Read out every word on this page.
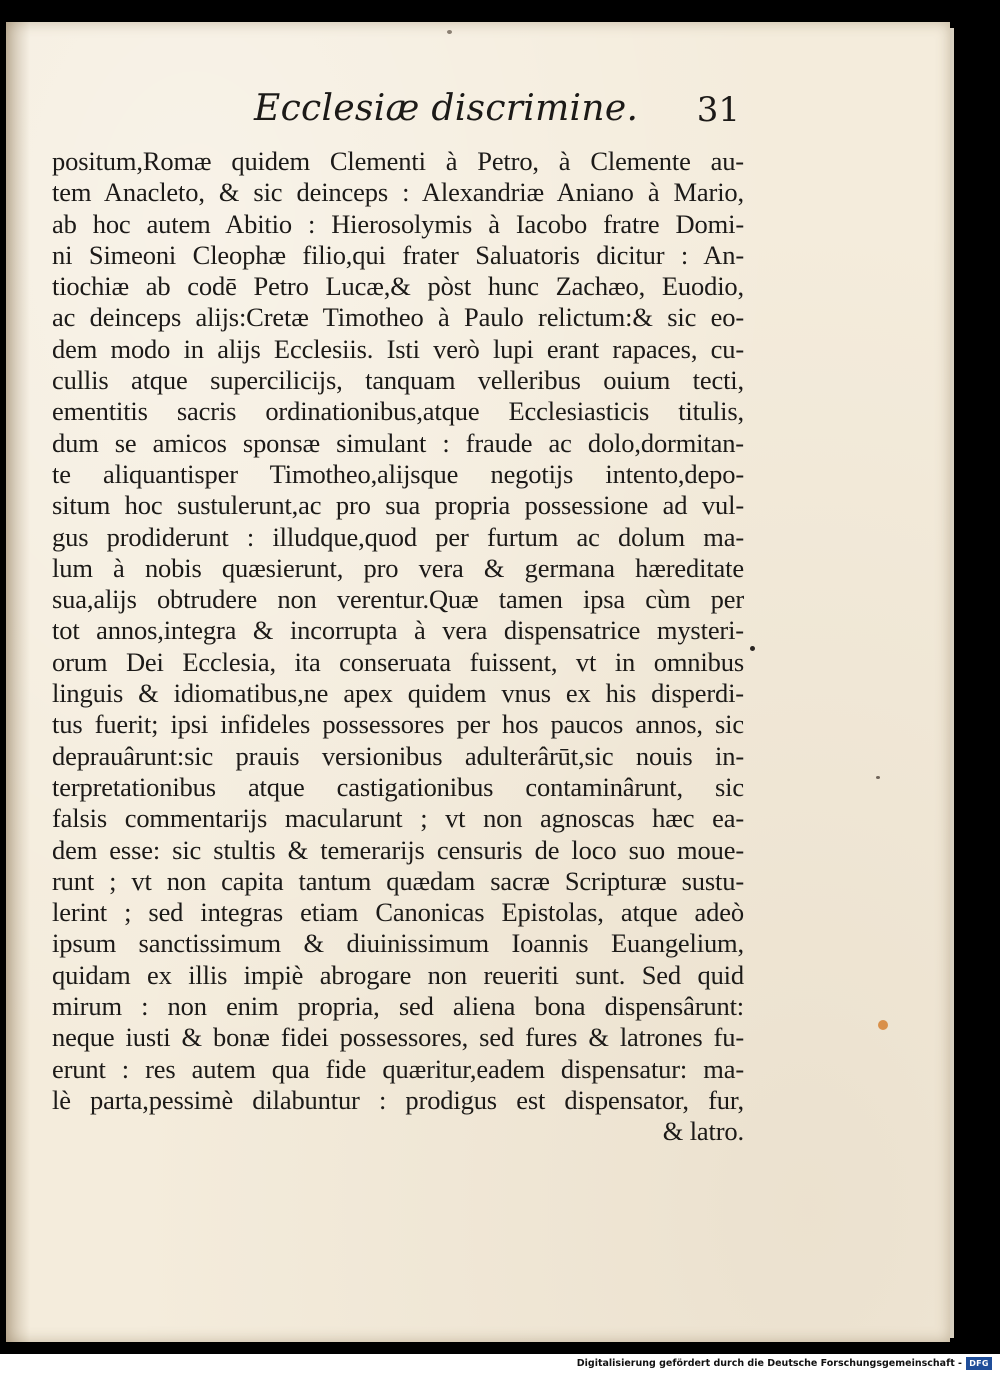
Ecclesiæ discrimine. 31
positum,Romæ quidem Clementi à Petro, à Clemente au-
tem Anacleto, & sic deinceps : Alexandriæ Aniano à Mario,
ab hoc autem Abitio : Hierosolymis à Iacobo fratre Domi-
ni Simeoni Cleophæ filio,qui frater Saluatoris dicitur : An-
tiochiæ ab codē Petro Lucæ,& pòst hunc Zachæo, Euodio,
ac deinceps alijs:Cretæ Timotheo à Paulo relictum:& sic eo-
dem modo in alijs Ecclesiis. Isti verò lupi erant rapaces, cu-
cullis atque supercilicijs, tanquam velleribus ouium tecti,
ementitis sacris ordinationibus,atque Ecclesiasticis titulis,
dum se amicos sponsæ simulant : fraude ac dolo,dormitan-
te aliquantisper Timotheo,alijsque negotijs intento,depo-
situm hoc sustulerunt,ac pro sua propria possessione ad vul-
gus prodiderunt : illudque,quod per furtum ac dolum ma-
lum à nobis quæsierunt, pro vera & germana hæreditate
sua,alijs obtrudere non verentur.Quæ tamen ipsa cùm per
tot annos,integra & incorrupta à vera dispensatrice mysteri-
orum Dei Ecclesia, ita conseruata fuissent, vt in omnibus
linguis & idiomatibus,ne apex quidem vnus ex his disperdi-
tus fuerit; ipsi infideles possessores per hos paucos annos, sic
deprauârunt:sic prauis versionibus adulterârūt,sic nouis in-
terpretationibus atque castigationibus contaminârunt, sic
falsis commentarijs macularunt ; vt non agnoscas hæc ea-
dem esse: sic stultis & temerarijs censuris de loco suo moue-
runt ; vt non capita tantum quædam sacræ Scripturæ sustu-
lerint ; sed integras etiam Canonicas Epistolas, atque adeò
ipsum sanctissimum & diuinissimum Ioannis Euangelium,
quidam ex illis impiè abrogare non reueriti sunt. Sed quid
mirum : non enim propria, sed aliena bona dispensârunt:
neque iusti & bonæ fidei possessores, sed fures & latrones fu-
erunt : res autem qua fide quæritur,eadem dispensatur: ma-
lè parta,pessimè dilabuntur : prodigus est dispensator, fur,
& latro.
Digitalisierung gefördert durch die Deutsche Forschungsgemeinschaft - DFG
